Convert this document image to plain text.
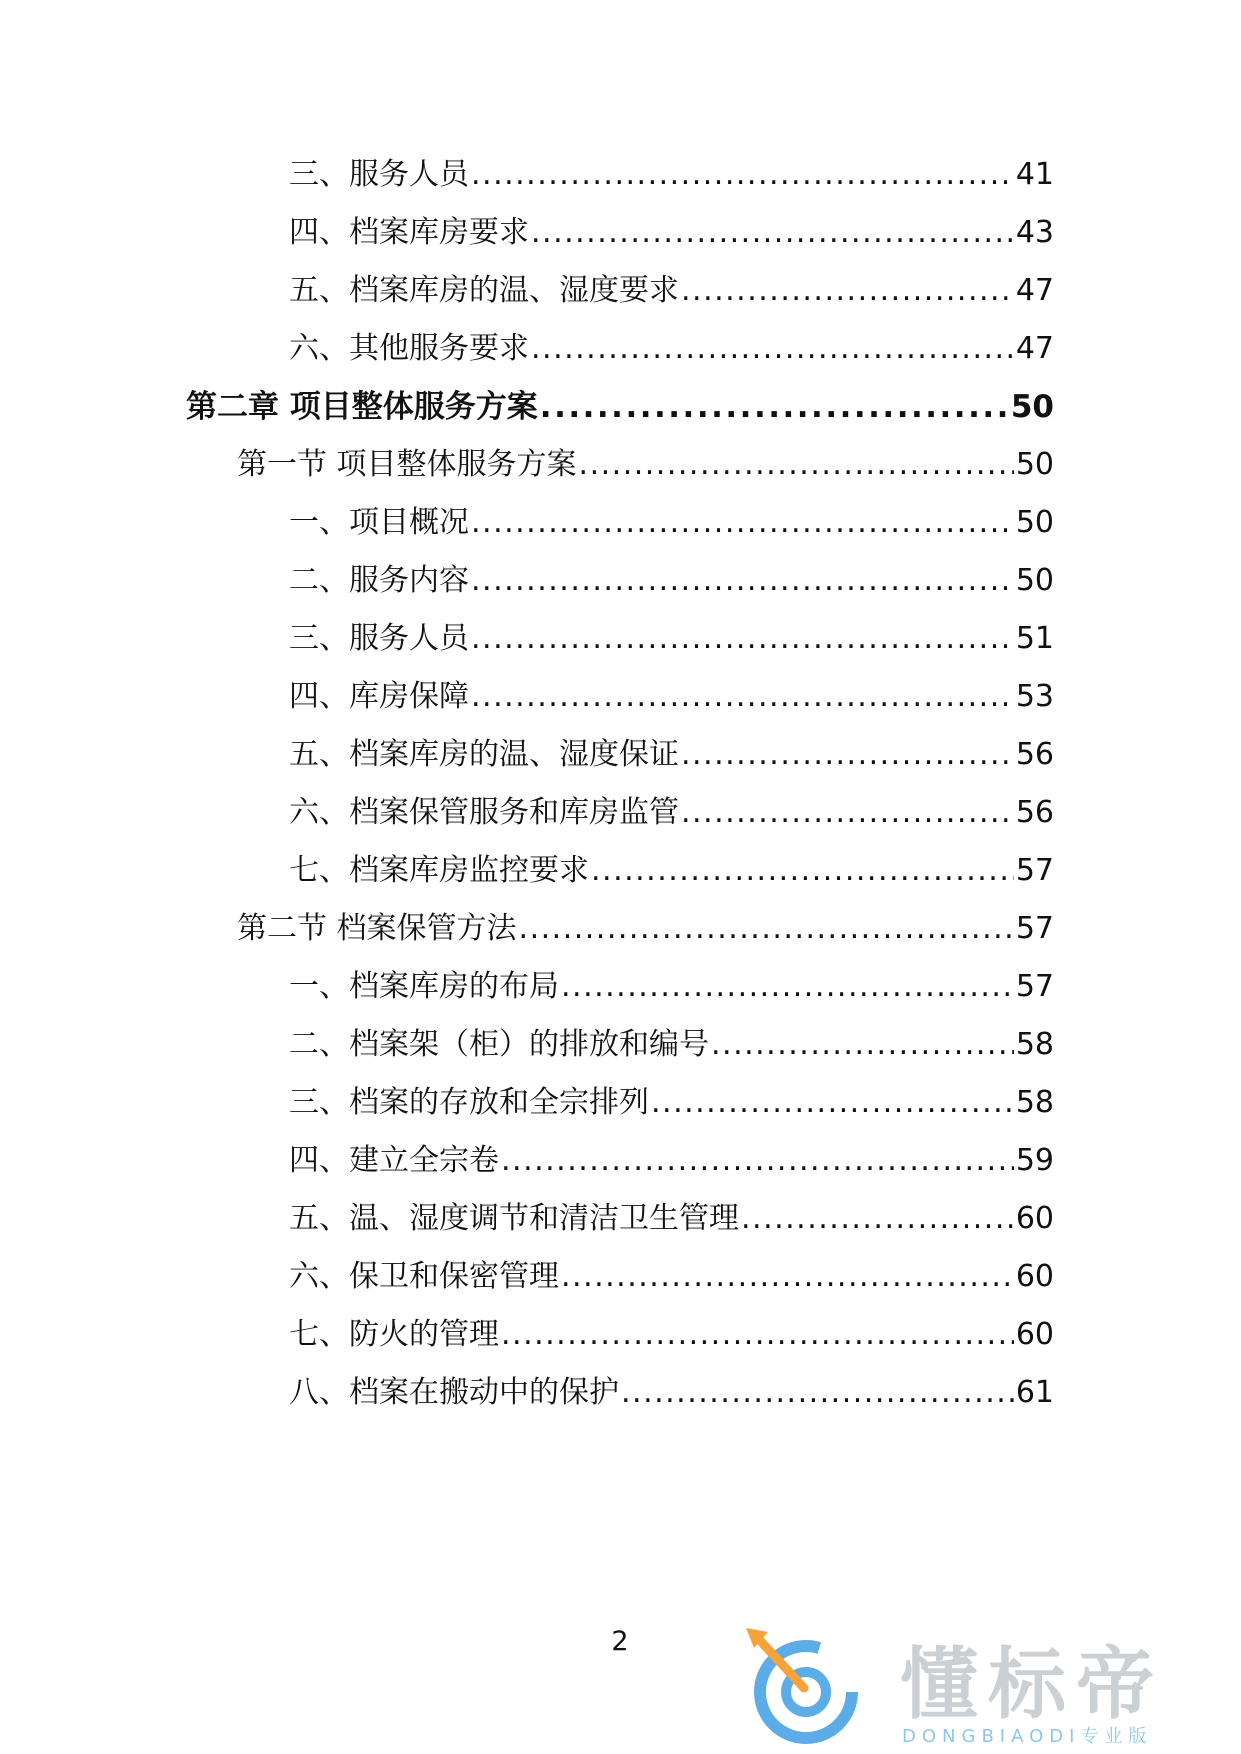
三、服务人员 .....	41
四、档案库房要求 .....	43
五、档案库房的温、湿度要求 .....	47
六、其他服务要求 .....	47
第二章 项目整体服务方案 .....	50
第一节 项目整体服务方案 .....	50
一、项目概况 .....	50
二、服务内容 .....	50
三、服务人员 .....	51
四、库房保障 .....	53
五、档案库房的温、湿度保证 .....	56
六、档案保管服务和库房监管 .....	56
七、档案库房监控要求 .....	57
第二节 档案保管方法 .....	57
一、档案库房的布局 .....	57
二、档案架（柜）的排放和编号 .....	58
三、档案的存放和全宗排列 .....	58
四、建立全宗卷 .....	59
五、温、湿度调节和清洁卫生管理 .....	60
六、保卫和保密管理 .....	60
七、防火的管理 .....	60
八、档案在搬动中的保护 .....	61
2	懂标帝
DONGBIAODI专业版
